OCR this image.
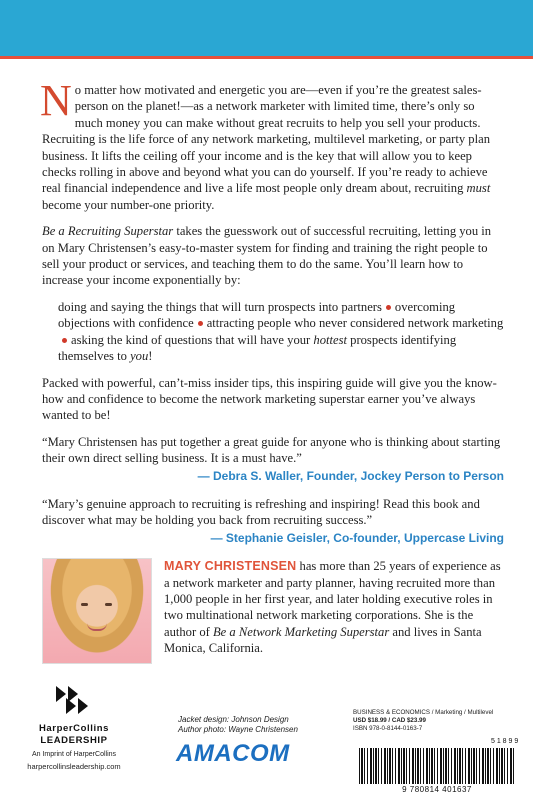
No matter how motivated and energetic you are—even if you’re the greatest sales-person on the planet!—as a network marketer with limited time, there’s only so much money you can make without great recruits to help you sell your products. Recruiting is the life force of any network marketing, multilevel marketing, or party plan business. It lifts the ceiling off your income and is the key that will allow you to keep checks rolling in above and beyond what you can do yourself. If you’re ready to achieve real financial independence and live a life most people only dream about, recruiting must become your number-one priority.

Be a Recruiting Superstar takes the guesswork out of successful recruiting, letting you in on Mary Christensen’s easy-to-master system for finding and training the right people to sell your product or services, and teaching them to do the same. You’ll learn how to increase your income exponentially by:

doing and saying the things that will turn prospects into partners overcoming objections with confidence attracting people who never considered network marketingasking the kind of questions that will have your hottest prospects identifying themselves to you!

Packed with powerful, can’t-miss insider tips, this inspiring guide will give you the know-how and confidence to become the network marketing superstar earner you’ve always wanted to be!

“Mary Christensen has put together a great guide for anyone who is thinking about starting their own direct selling business. It is a must have.”

— Debra S. Waller, Founder, Jockey Person to Person

“Mary’s genuine approach to recruiting is refreshing and inspiring! Read this book and discover what may be holding you back from recruiting success.”

— Stephanie Geisler, Co-founder, Uppercase Living
MARY CHRISTENSEN has more than 25 years of experience as a network marketer and party planner, having recruited more than 1,000 people in her first year, and later holding executive roles in two multinational network marketing corporations. She is the author of Be a Network Marketing Superstar and lives in Santa Monica, California.
HarperCollins
LEADERSHIP
An Imprint of HarperCollins
harpercollinsleadership.com
Jacket design: Johnson Design
Author photo: Wayne Christensen
AMACOM
BUSINESS & ECONOMICS / Marketing / Multilevel
USD $18.99 / CAD $23.99
ISBN 978-0-8144-0163-7
5 1 8 9 9
9 780814 401637
